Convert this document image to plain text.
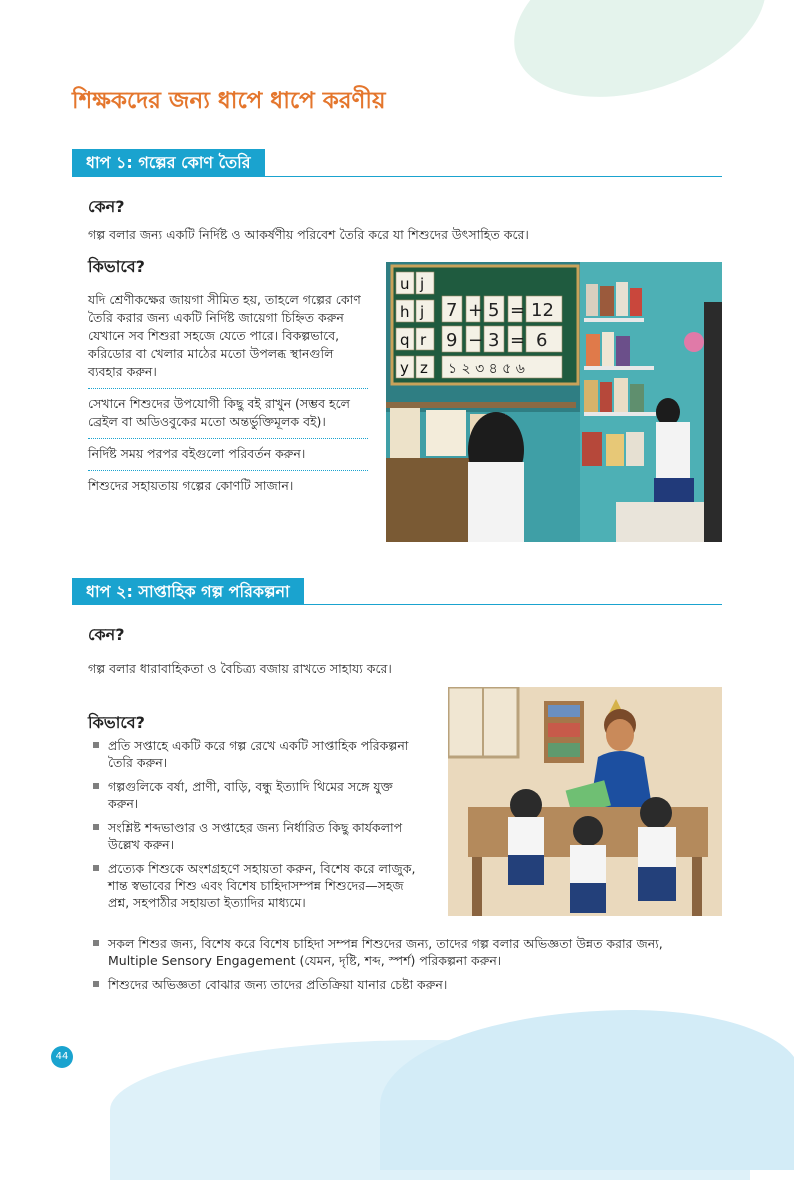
শিক্ষকদের জন্য ধাপে ধাপে করণীয়
ধাপ ১: গল্পের কোণ তৈরি
কেন?
গল্প বলার জন্য একটি নির্দিষ্ট ও আকর্ষণীয় পরিবেশ তৈরি করে যা শিশুদের উৎসাহিত করে।
কিভাবে?
যদি শ্রেণীকক্ষের জায়গা সীমিত হয়, তাহলে গল্পের কোণ তৈরি করার জন্য একটি নির্দিষ্ট জায়েগা চিহ্নিত করুন যেখানে সব শিশুরা সহজে যেতে পারে। বিকল্পভাবে, করিডোর বা খেলার মাঠের মতো উপলব্ধ স্থানগুলি ব্যবহার করুন।
সেখানে শিশুদের উপযোগী কিছু বই রাখুন (সম্ভব হলে ব্রেইল বা অডিওবুকের মতো অন্তর্ভুক্তিমূলক বই)।
নির্দিষ্ট সময় পরপর বইগুলো পরিবর্তন করুন।
শিশুদের সহায়তায় গল্পের কোণটি সাজান।
u j
h j
q r
y z
7 + 5 = 12
9 − 3 = 6
১ ২ ৩ ৪ ৫ ৬
ধাপ ২: সাপ্তাহিক গল্প পরিকল্পনা
কেন?
গল্প বলার ধারাবাহিকতা ও বৈচিত্র্য বজায় রাখতে সাহায্য করে।
কিভাবে?
প্রতি সপ্তাহে একটি করে গল্প রেখে একটি সাপ্তাহিক পরিকল্পনা তৈরি করুন।
গল্পগুলিকে বর্ষা, প্রাণী, বাড়ি, বন্ধু ইত্যাদি থিমের সঙ্গে যুক্ত করুন।
সংশ্লিষ্ট শব্দভাণ্ডার ও সপ্তাহের জন্য নির্ধারিত কিছু কার্যকলাপ উল্লেখ করুন।
প্রত্যেক শিশুকে অংশগ্রহণে সহায়তা করুন, বিশেষ করে লাজুক, শান্ত স্বভাবের শিশু এবং বিশেষ চাহিদাসম্পন্ন শিশুদের—সহজ প্রশ্ন, সহপাঠীর সহায়তা ইত্যাদির মাধ্যমে।
সকল শিশুর জন্য, বিশেষ করে বিশেষ চাহিদা সম্পন্ন শিশুদের জন্য, তাদের গল্প বলার অভিজ্ঞতা উন্নত করার জন্য, Multiple Sensory Engagement (যেমন, দৃষ্টি, শব্দ, স্পর্শ) পরিকল্পনা করুন।
শিশুদের অভিজ্ঞতা বোঝার জন্য তাদের প্রতিক্রিয়া যানার চেষ্টা করুন।
44
